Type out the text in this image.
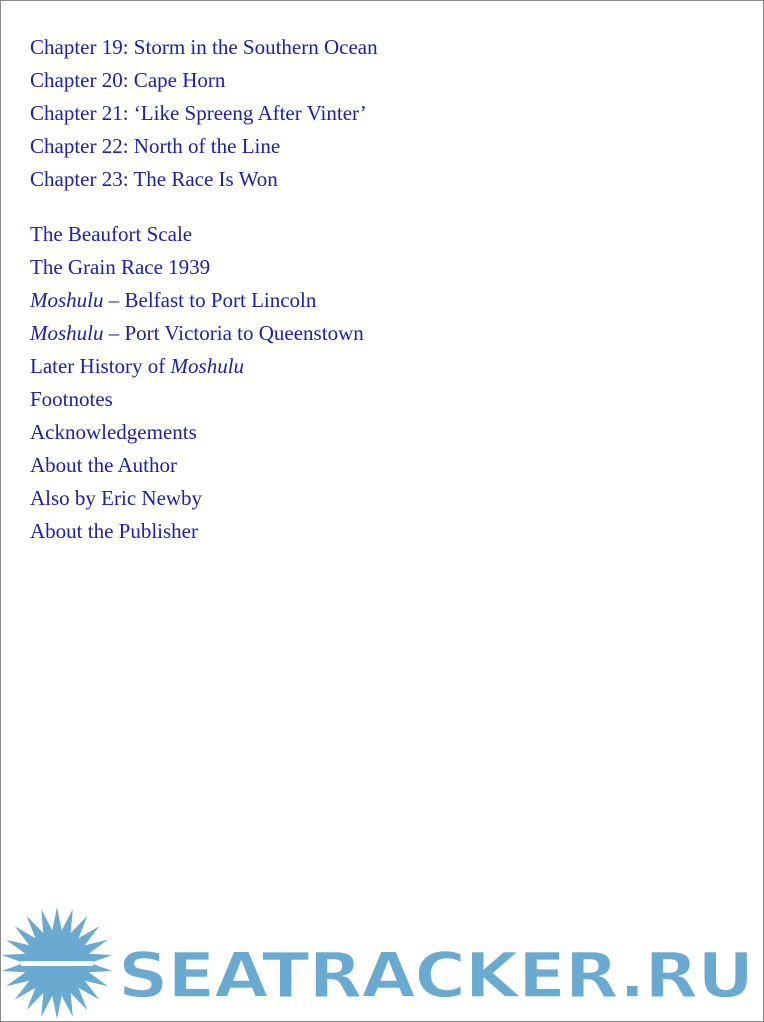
Chapter 19: Storm in the Southern Ocean
Chapter 20: Cape Horn
Chapter 21: ‘Like Spreeng After Vinter’
Chapter 22: North of the Line
Chapter 23: The Race Is Won
The Beaufort Scale
The Grain Race 1939
Moshulu – Belfast to Port Lincoln
Moshulu – Port Victoria to Queenstown
Later History of Moshulu
Footnotes
Acknowledgements
About the Author
Also by Eric Newby
About the Publisher
SEATRACKER.RU
